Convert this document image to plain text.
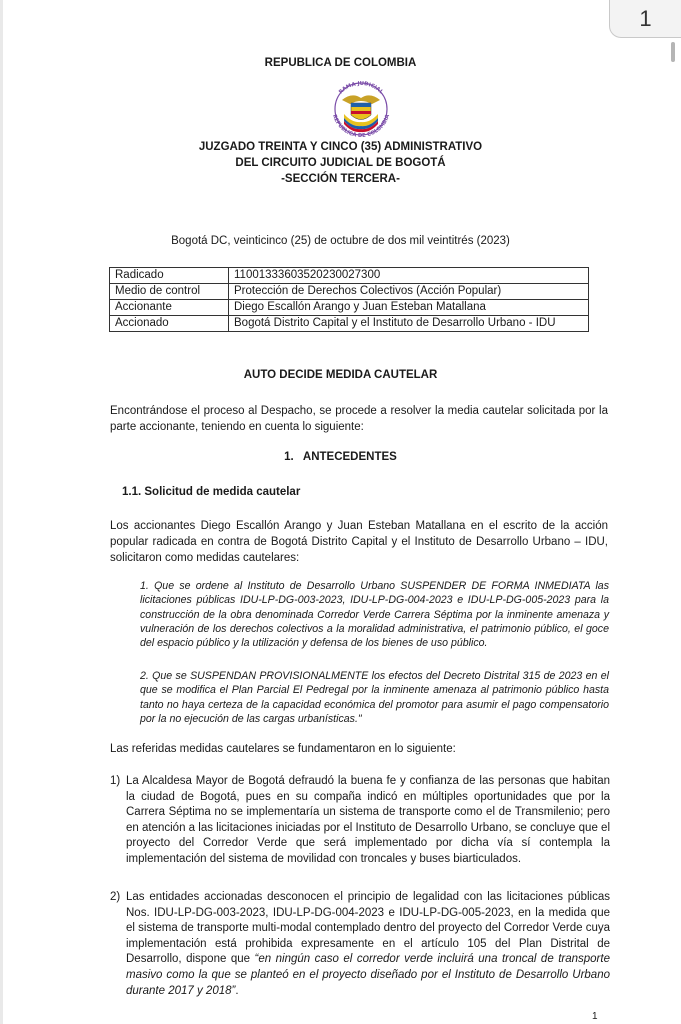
REPUBLICA DE COLOMBIA
RAMA JUDICIAL
REPUBLICA DE COLOMBIA
JUZGADO TREINTA Y CINCO (35) ADMINISTRATIVO
DEL CIRCUITO JUDICIAL DE BOGOTÁ
-SECCIÓN TERCERA-
Bogotá DC, veinticinco (25) de octubre de dos mil veintitrés (2023)
Radicado	11001333603520230027300
Medio de control	Protección de Derechos Colectivos (Acción Popular)
Accionante	Diego Escallón Arango y Juan Esteban Matallana
Accionado	Bogotá Distrito Capital y el Instituto de Desarrollo Urbano - IDU
AUTO DECIDE MEDIDA CAUTELAR
Encontrándose el proceso al Despacho, se procede a resolver la media cautelar solicitada por la parte accionante, teniendo en cuenta lo siguiente:
1.   ANTECEDENTES
1.1. Solicitud de medida cautelar
Los accionantes Diego Escallón Arango y Juan Esteban Matallana en el escrito de la acción popular radicada en contra de Bogotá Distrito Capital y el Instituto de Desarrollo Urbano – IDU, solicitaron como medidas cautelares:
1. Que se ordene al Instituto de Desarrollo Urbano SUSPENDER DE FORMA INMEDIATA las licitaciones públicas IDU-LP-DG-003-2023, IDU-LP-DG-004-2023 e IDU-LP-DG-005-2023 para la construcción de la obra denominada Corredor Verde Carrera Séptima por la inminente amenaza y vulneración de los derechos colectivos a la moralidad administrativa, el patrimonio público, el goce del espacio público y la utilización y defensa de los bienes de uso público.
2. Que se SUSPENDAN PROVISIONALMENTE los efectos del Decreto Distrital 315 de 2023 en el que se modifica el Plan Parcial El Pedregal por la inminente amenaza al patrimonio público hasta tanto no haya certeza de la capacidad económica del promotor para asumir el pago compensatorio por la no ejecución de las cargas urbanísticas."
Las referidas medidas cautelares se fundamentaron en lo siguiente:
1) La Alcaldesa Mayor de Bogotá defraudó la buena fe y confianza de las personas que habitan la ciudad de Bogotá, pues en su compaña indicó en múltiples oportunidades que por la Carrera Séptima no se implementaría un sistema de transporte como el de Transmilenio; pero en atención a las licitaciones iniciadas por el Instituto de Desarrollo Urbano, se concluye que el proyecto del Corredor Verde que será implementado por dicha vía sí contempla la implementación del sistema de movilidad con troncales y buses biarticulados.
2) Las entidades accionadas desconocen el principio de legalidad con las licitaciones públicas Nos. IDU-LP-DG-003-2023, IDU-LP-DG-004-2023 e IDU-LP-DG-005-2023, en la medida que el sistema de transporte multi-modal contemplado dentro del proyecto del Corredor Verde cuya implementación está prohibida expresamente en el artículo 105 del Plan Distrital de Desarrollo, dispone que “en ningún caso el corredor verde incluirá una troncal de transporte masivo como la que se planteó en el proyecto diseñado por el Instituto de Desarrollo Urbano durante 2017 y 2018”.
1
1
